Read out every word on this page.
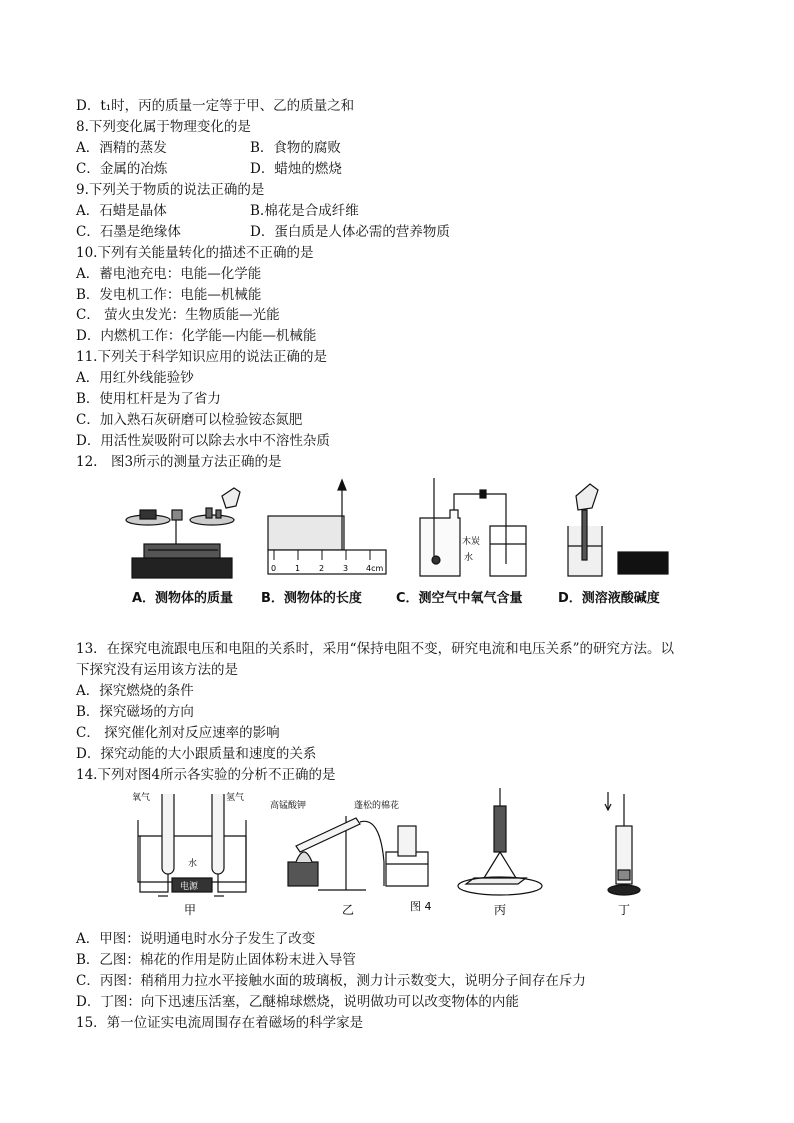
D．t₁时，丙的质量一定等于甲、乙的质量之和
8.下列变化属于物理变化的是
A．酒精的蒸发	B．食物的腐败
C．金属的冶炼	D．蜡烛的燃烧
9.下列关于物质的说法正确的是
A．石蜡是晶体	B.棉花是合成纤维
C．石墨是绝缘体	D．蛋白质是人体必需的营养物质
10.下列有关能量转化的描述不正确的是
A．蓄电池充电：电能—化学能
B．发电机工作：电能—机械能
C． 萤火虫发光：生物质能—光能
D．内燃机工作：化学能—内能—机械能
11.下列关于科学知识应用的说法正确的是
A．用红外线能验钞
B．使用杠杆是为了省力
C．加入熟石灰研磨可以检验铵态氮肥
D．用活性炭吸附可以除去水中不溶性杂质
12.　图3所示的测量方法正确的是
0 1 2 3 4cm
木炭
水
A．测物体的质量 B．测物体的长度	C．测空气中氧气含量	D．测溶液酸碱度
13．在探究电流跟电压和电阻的关系时，采用“保持电阻不变，研究电流和电压关系”的研究方法。以
下探究没有运用该方法的是
A．探究燃烧的条件
B．探究磁场的方向
C． 探究催化剂对反应速率的影响
D．探究动能的大小跟质量和速度的关系
14.下列对图4所示各实验的分析不正确的是
氧气	氢气
水
电源
甲
高锰酸钾	蓬松的棉花
乙	图 4	丙	丁
A．甲图：说明通电时水分子发生了改变
B．乙图：棉花的作用是防止固体粉末进入导管
C．丙图：稍稍用力拉水平接触水面的玻璃板，测力计示数变大，说明分子间存在斥力
D．丁图：向下迅速压活塞，乙醚棉球燃烧，说明做功可以改变物体的内能
15．第一位证实电流周围存在着磁场的科学家是
